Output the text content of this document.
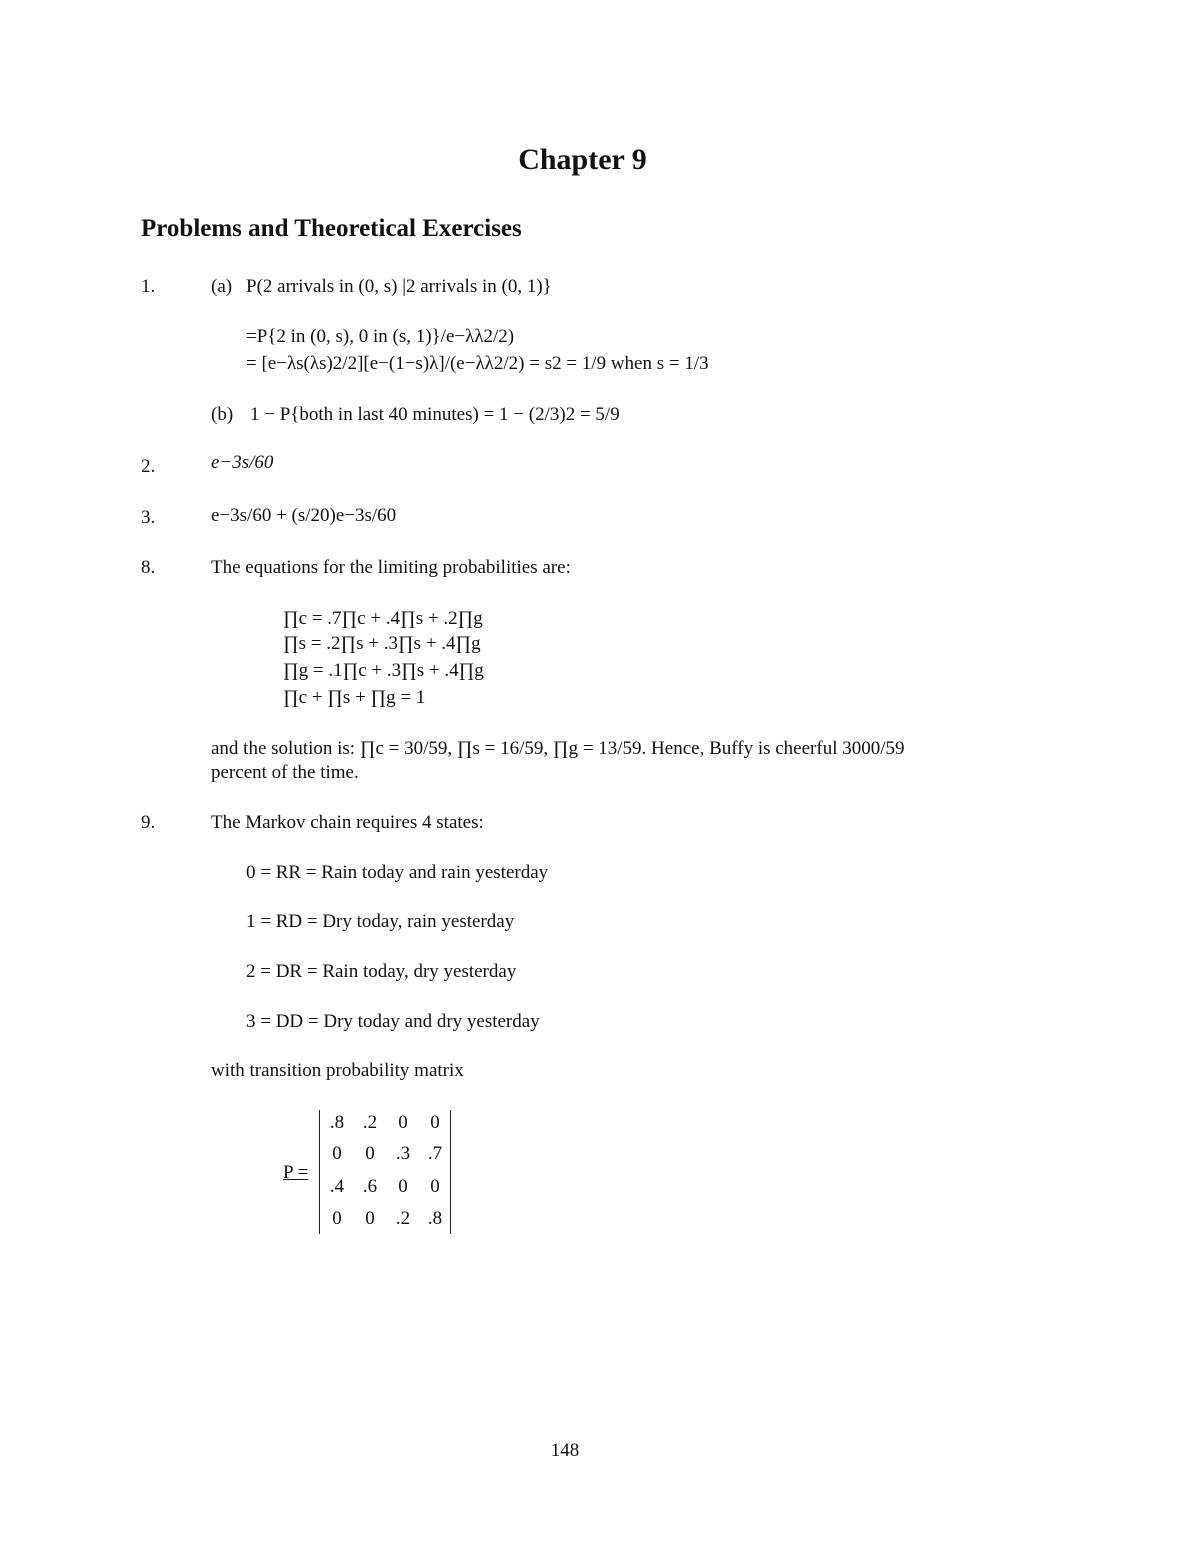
Chapter 9
Problems and Theoretical Exercises
1.	(a) P(2 arrivals in (0, s) |2 arrivals in (0, 1)}
=P{2 in (0, s), 0 in (s, 1)}/e−λλ2/2)
= [e−λs(λs)2/2][e−(1−s)λ]/(e−λλ2/2) = s2 = 1/9 when s = 1/3
(b) 1 − P{both in last 40 minutes) = 1 − (2/3)2 = 5/9
2.	e−3s/60
3.	e−3s/60 + (s/20)e−3s/60
8.	The equations for the limiting probabilities are:
∏c = .7∏c + .4∏s + .2∏g
∏s = .2∏s + .3∏s + .4∏g
∏g = .1∏c + .3∏s + .4∏g
∏c + ∏s + ∏g = 1
and the solution is: ∏c = 30/59, ∏s = 16/59, ∏g = 13/59. Hence, Buffy is cheerful 3000/59
percent of the time.
9.	The Markov chain requires 4 states:
0 = RR = Rain today and rain yesterday
1 = RD = Dry today, rain yesterday
2 = DR = Rain today, dry yesterday
3 = DD = Dry today and dry yesterday
with transition probability matrix
P =
.8 .2	0	0
0	0	.3 .7
.4 .6	0	0
0	0	.2 .8
148
